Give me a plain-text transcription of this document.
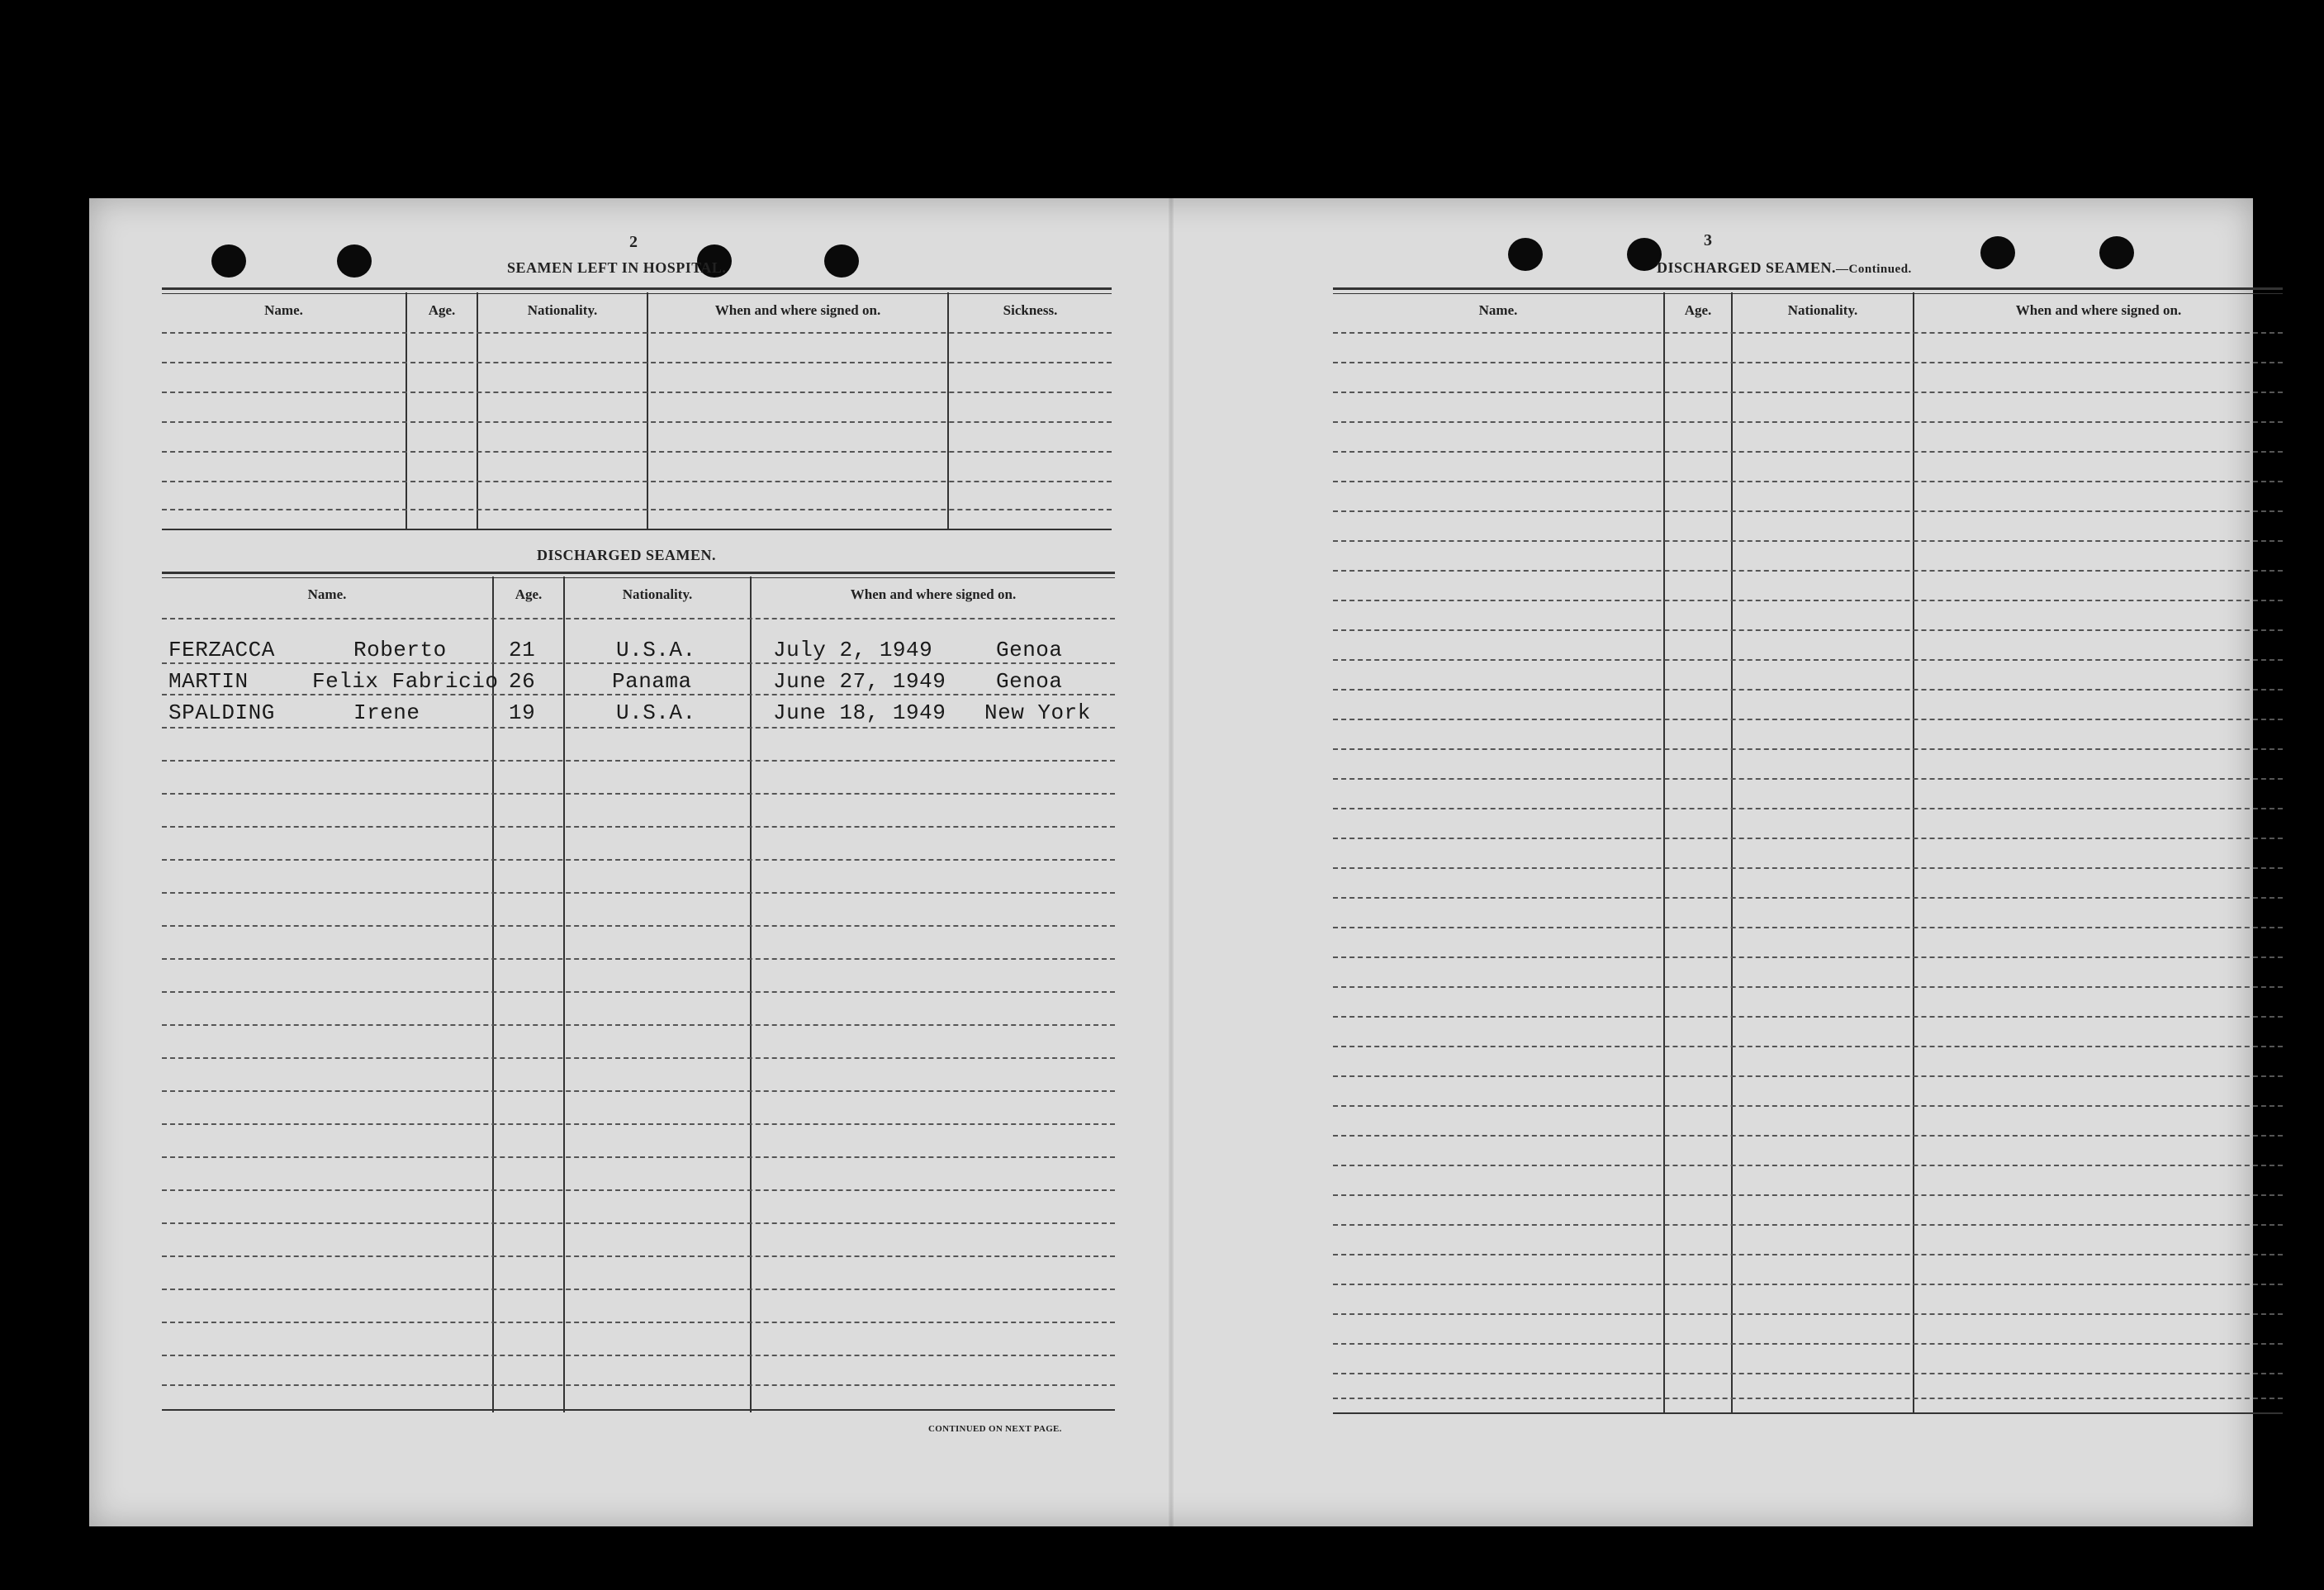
2
SEAMEN LEFT IN HOSPITAL.
Name.	Age.	Nationality.	When and where signed on.	Sickness.
DISCHARGED SEAMEN.
Name.	Age.	Nationality.	When and where signed on.
FERZACCA	Roberto	21	U.S.A.	July 2, 1949	Genoa
MARTIN	Felix Fabricio 26	Panama	June 27, 1949 Genoa
SPALDING	Irene	19	U.S.A.	June 18, 1949 New York
CONTINUED ON NEXT PAGE.
3
DISCHARGED SEAMEN.—Continued.
Name.	Age.	Nationality.	When and where signed on.
